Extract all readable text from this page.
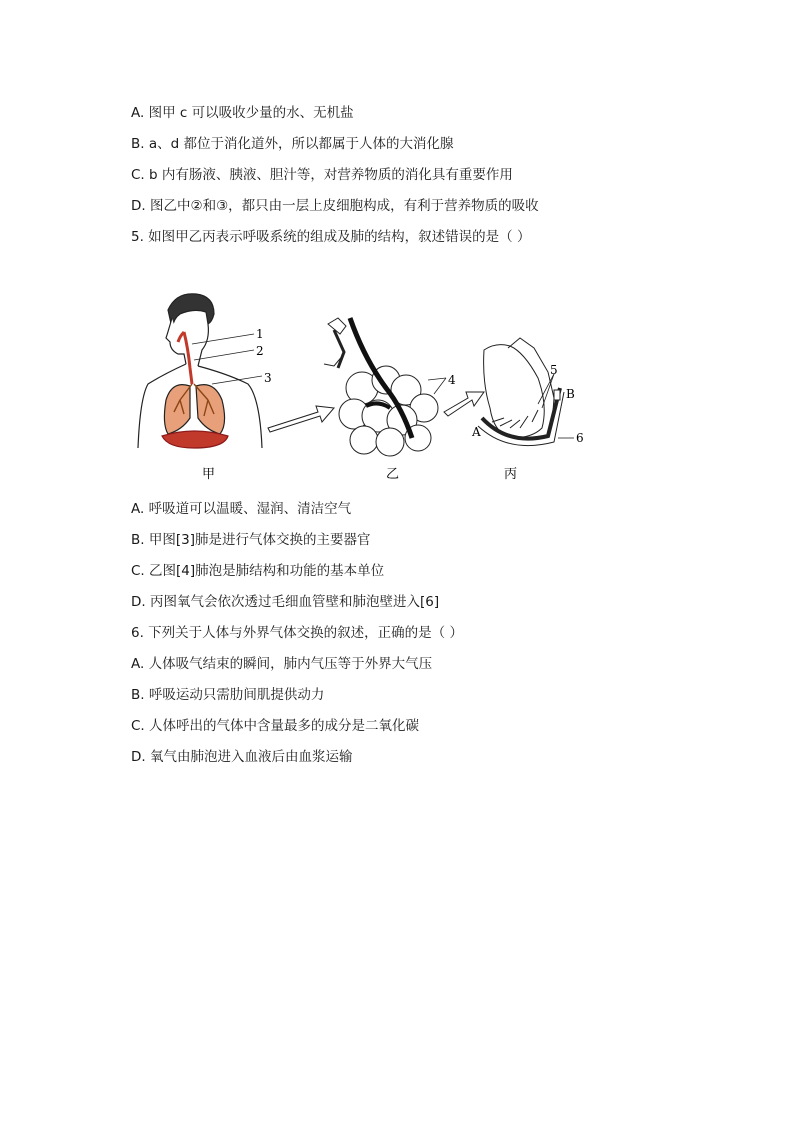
A. 图甲 c 可以吸收少量的水、无机盐
B. a、d 都位于消化道外，所以都属于人体的大消化腺
C. b 内有肠液、胰液、胆汁等，对营养物质的消化具有重要作用
D. 图乙中②和③，都只由一层上皮细胞构成，有利于营养物质的吸收
5. 如图甲乙丙表示呼吸系统的组成及肺的结构，叙述错误的是（ ）
1
2
3	4
5
6
A
B
甲	乙	丙
A. 呼吸道可以温暖、湿润、清洁空气
B. 甲图[3]肺是进行气体交换的主要器官
C. 乙图[4]肺泡是肺结构和功能的基本单位
D. 丙图氧气会依次透过毛细血管壁和肺泡壁进入[6]
6. 下列关于人体与外界气体交换的叙述，正确的是（ ）
A. 人体吸气结束的瞬间，肺内气压等于外界大气压
B. 呼吸运动只需肋间肌提供动力
C. 人体呼出的气体中含量最多的成分是二氧化碳
D. 氧气由肺泡进入血液后由血浆运输
